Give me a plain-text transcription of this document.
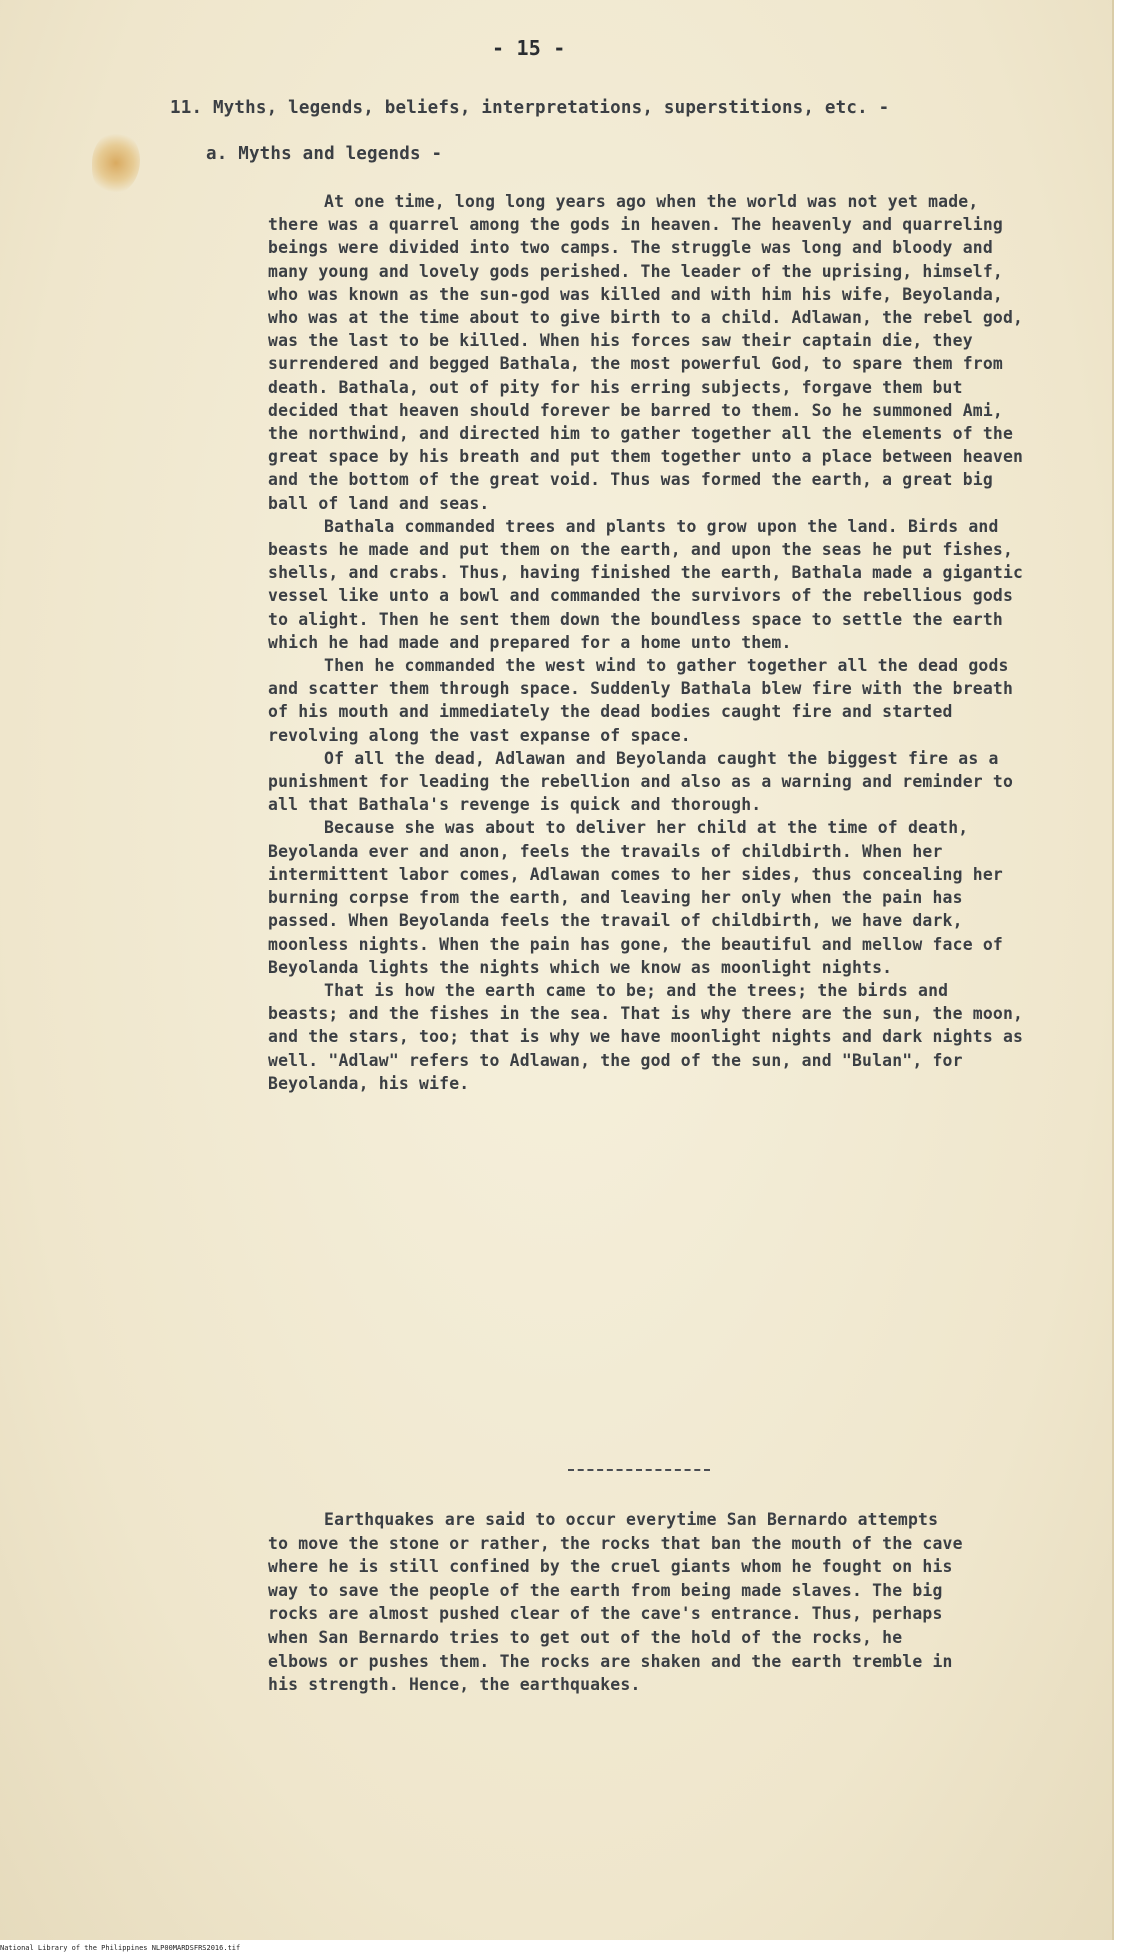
- 15 -
11. Myths, legends, beliefs, interpretations, superstitions, etc. -
a. Myths and legends -

At one time, long long years ago when the world was not yet made, there was a quarrel among the gods in heaven. The heavenly and quarreling beings were divided into two camps. The struggle was long and bloody and many young and lovely gods perished. The leader of the uprising, himself, who was known as the sun-god was killed and with him his wife, Beyolanda, who was at the time about to give birth to a child. Adlawan, the rebel god, was the last to be killed. When his forces saw their captain die, they surrendered and begged Bathala, the most powerful God, to spare them from death. Bathala, out of pity for his erring subjects, forgave them but decided that heaven should forever be barred to them. So he summoned Ami, the northwind, and directed him to gather together all the elements of the great space by his breath and put them together unto a place between heaven and the bottom of the great void. Thus was formed the earth, a great big ball of land and seas.

Bathala commanded trees and plants to grow upon the land. Birds and beasts he made and put them on the earth, and upon the seas he put fishes, shells, and crabs. Thus, having finished the earth, Bathala made a gigantic vessel like unto a bowl and commanded the survivors of the rebellious gods to alight. Then he sent them down the boundless space to settle the earth which he had made and prepared for a home unto them.

Then he commanded the west wind to gather together all the dead gods and scatter them through space. Suddenly Bathala blew fire with the breath of his mouth and immediately the dead bodies caught fire and started revolving along the vast expanse of space.

Of all the dead, Adlawan and Beyolanda caught the biggest fire as a punishment for leading the rebellion and also as a warning and reminder to all that Bathala's revenge is quick and thorough.

Because she was about to deliver her child at the time of death, Beyolanda ever and anon, feels the travails of childbirth. When her intermittent labor comes, Adlawan comes to her sides, thus concealing her burning corpse from the earth, and leaving her only when the pain has passed. When Beyolanda feels the travail of childbirth, we have dark, moonless nights. When the pain has gone, the beautiful and mellow face of Beyolanda lights the nights which we know as moonlight nights.

That is how the earth came to be; and the trees; the birds and beasts; and the fishes in the sea. That is why there are the sun, the moon, and the stars, too; that is why we have moonlight nights and dark nights as well. "Adlaw" refers to Adlawan, the god of the sun, and "Bulan", for Beyolanda, his wife.

Earthquakes are said to occur everytime San Bernardo attempts to move the stone or rather, the rocks that ban the mouth of the cave where he is still confined by the cruel giants whom he fought on his way to save the people of the earth from being made slaves. The big rocks are almost pushed clear of the cave's entrance. Thus, perhaps when San Bernardo tries to get out of the hold of the rocks, he elbows or pushes them. The rocks are shaken and the earth tremble in his strength. Hence, the earthquakes.

National Library of the Philippines NLP00MARDSFRS2016.tif
